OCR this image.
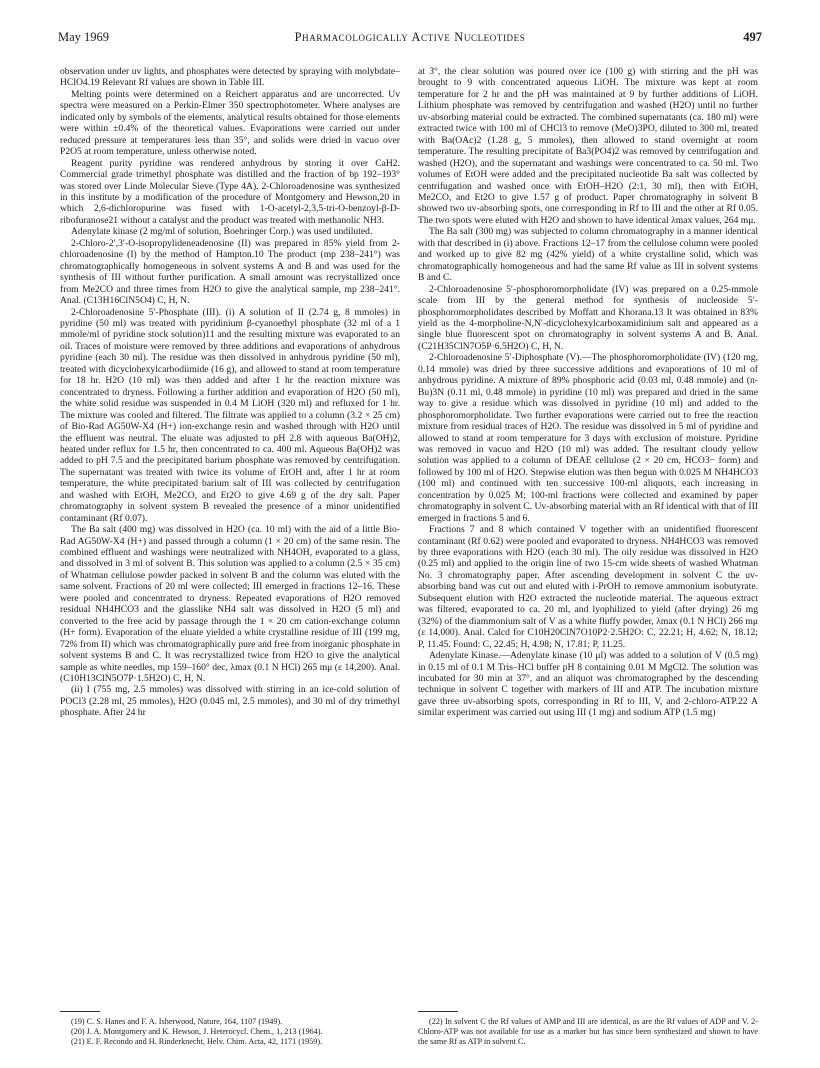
May 1969	Pharmacologically Active Nucleotides	497

observation under uv lights, and phosphates were detected by spraying with molybdate–HClO4.19 Relevant Rf values are shown in Table III.

Melting points were determined on a Reichert apparatus and are uncorrected. Uv spectra were measured on a Perkin-Elmer 350 spectrophotometer. Where analyses are indicated only by symbols of the elements, analytical results obtained for those elements were within ±0.4% of the theoretical values. Evaporations were carried out under reduced pressure at temperatures less than 35°, and solids were dried in vacuo over P2O5 at room temperature, unless otherwise noted.

Reagent purity pyridine was rendered anhydrous by storing it over CaH2. Commercial grade trimethyl phosphate was distilled and the fraction of bp 192–193° was stored over Linde Molecular Sieve (Type 4A). 2-Chloroadenosine was synthesized in this institute by a modification of the procedure of Montgomery and Hewson,20 in which 2,6-dichloropurine was fused with 1-O-acetyl-2,3,5-tri-O-benzoyl-β-D-ribofuranose21 without a catalyst and the product was treated with methanolic NH3.

Adenylate kinase (2 mg/ml of solution, Boehringer Corp.) was used undiluted.

2-Chloro-2′,3′-O-isopropylideneadenosine (II) was prepared in 85% yield from 2-chloroadenosine (I) by the method of Hampton.10 The product (mp 238–241°) was chromatographically homogeneous in solvent systems A and B and was used for the synthesis of III without further purification. A small amount was recrystallized once from Me2CO and three times from H2O to give the analytical sample, mp 238–241°. Anal. (C13H16ClN5O4) C, H, N.

2-Chloroadenosine 5′-Phosphate (III). (i) A solution of II (2.74 g, 8 mmoles) in pyridine (50 ml) was treated with pyridinium β-cyanoethyl phosphate (32 ml of a 1 mmole/ml of pyridine stock solution)11 and the resulting mixture was evaporated to an oil. Traces of moisture were removed by three additions and evaporations of anhydrous pyridine (each 30 ml). The residue was then dissolved in anhydrous pyridine (50 ml), treated with dicyclohexylcarbodiimide (16 g), and allowed to stand at room temperature for 18 hr. H2O (10 ml) was then added and after 1 hr the reaction mixture was concentrated to dryness. Following a further addition and evaporation of H2O (50 ml), the white solid residue was suspended in 0.4 M LiOH (320 ml) and refluxed for 1 hr. The mixture was cooled and filtered. The filtrate was applied to a column (3.2 × 25 cm) of Bio-Rad AG50W-X4 (H+) ion-exchange resin and washed through with H2O until the effluent was neutral. The eluate was adjusted to pH 2.8 with aqueous Ba(OH)2, heated under reflux for 1.5 hr, then concentrated to ca. 400 ml. Aqueous Ba(OH)2 was added to pH 7.5 and the precipitated barium phosphate was removed by centrifugation. The supernatant was treated with twice its volume of EtOH and, after 1 hr at room temperature, the white precipitated barium salt of III was collected by centrifugation and washed with EtOH, Me2CO, and Et2O to give 4.69 g of the dry salt. Paper chromatography in solvent system B revealed the presence of a minor unidentified contaminant (Rf 0.07).

The Ba salt (400 mg) was dissolved in H2O (ca. 10 ml) with the aid of a little Bio-Rad AG50W-X4 (H+) and passed through a column (1 × 20 cm) of the same resin. The combined effluent and washings were neutralized with NH4OH, evaporated to a glass, and dissolved in 3 ml of solvent B. This solution was applied to a column (2.5 × 35 cm) of Whatman cellulose powder packed in solvent B and the column was eluted with the same solvent. Fractions of 20 ml were collected; III emerged in fractions 12–16. These were pooled and concentrated to dryness. Repeated evaporations of H2O removed residual NH4HCO3 and the glasslike NH4 salt was dissolved in H2O (5 ml) and converted to the free acid by passage through the 1 × 20 cm cation-exchange column (H+ form). Evaporation of the eluate yielded a white crystalline residue of III (199 mg, 72% from II) which was chromatographically pure and free from inorganic phosphate in solvent systems B and C. It was recrystallized twice from H2O to give the analytical sample as white needles, mp 159–160° dec, λmax (0.1 N HCl) 265 mμ (ε 14,200). Anal. (C10H13ClN5O7P·1.5H2O) C, H, N.

(ii) I (755 mg, 2.5 mmoles) was dissolved with stirring in an ice-cold solution of POCl3 (2.28 ml, 25 mmoles), H2O (0.045 ml, 2.5 mmoles), and 30 ml of dry trimethyl phosphate. After 24 hr

at 3°, the clear solution was poured over ice (100 g) with stirring and the pH was brought to 9 with concentrated aqueous LiOH. The mixture was kept at room temperature for 2 hr and the pH was maintained at 9 by further additions of LiOH. Lithium phosphate was removed by centrifugation and washed (H2O) until no further uv-absorbing material could be extracted. The combined supernatants (ca. 180 ml) were extracted twice with 100 ml of CHCl3 to remove (MeO)3PO, diluted to 300 ml, treated with Ba(OAc)2 (1.28 g, 5 mmoles), then allowed to stand overnight at room temperature. The resulting precipitate of Ba3(PO4)2 was removed by centrifugation and washed (H2O), and the supernatant and washings were concentrated to ca. 50 ml. Two volumes of EtOH were added and the precipitated nucleotide Ba salt was collected by centrifugation and washed once with EtOH–H2O (2:1, 30 ml), then with EtOH, Me2CO, and Et2O to give 1.57 g of product. Paper chromatography in solvent B showed two uv-absorbing spots, one corresponding in Rf to III and the other at Rf 0.05. The two spots were eluted with H2O and shown to have identical λmax values, 264 mμ.

The Ba salt (300 mg) was subjected to column chromatography in a manner identical with that described in (i) above. Fractions 12–17 from the cellulose column were pooled and worked up to give 82 mg (42% yield) of a white crystalline solid, which was chromatographically homogeneous and had the same Rf value as III in solvent systems B and C.

2-Chloroadenosine 5′-phosphoromorpholidate (IV) was prepared on a 0.25-mmole scale from III by the general method for synthesis of nucleoside 5′-phosphoromorpholidates described by Moffatt and Khorana.13 It was obtained in 83% yield as the 4-morpholine-N,N′-dicyclohexylcarboxamidinium salt and appeared as a single blue fluorescent spot on chromatography in solvent systems A and B. Anal. (C21H35ClN7O5P·6.5H2O) C, H, N.

2-Chloroadenosine 5′-Diphosphate (V).—The phosphoromorpholidate (IV) (120 mg, 0.14 mmole) was dried by three successive additions and evaporations of 10 ml of anhydrous pyridine. A mixture of 89% phosphoric acid (0.03 ml, 0.48 mmole) and (n-Bu)3N (0.11 ml, 0.48 mmole) in pyridine (10 ml) was prepared and dried in the same way to give a residue which was dissolved in pyridine (10 ml) and added to the phosphoromorpholidate. Two further evaporations were carried out to free the reaction mixture from residual traces of H2O. The residue was dissolved in 5 ml of pyridine and allowed to stand at room temperature for 3 days with exclusion of moisture. Pyridine was removed in vacuo and H2O (10 ml) was added. The resultant cloudy yellow solution was applied to a column of DEAE cellulose (2 × 20 cm, HCO3− form) and followed by 100 ml of H2O. Stepwise elution was then begun with 0.025 M NH4HCO3 (100 ml) and continued with ten successive 100-ml aliquots, each increasing in concentration by 0.025 M; 100-ml fractions were collected and examined by paper chromatography in solvent C. Uv-absorbing material with an Rf identical with that of III emerged in fractions 5 and 6.

Fractions 7 and 8 which contained V together with an unidentified fluorescent contaminant (Rf 0.62) were pooled and evaporated to dryness. NH4HCO3 was removed by three evaporations with H2O (each 30 ml). The oily residue was dissolved in H2O (0.25 ml) and applied to the origin line of two 15-cm wide sheets of washed Whatman No. 3 chromatography paper. After ascending development in solvent C the uv-absorbing band was cut out and eluted with i-PrOH to remove ammonium isobutyrate. Subsequent elution with H2O extracted the nucleotide material. The aqueous extract was filtered, evaporated to ca. 20 ml, and lyophilized to yield (after drying) 26 mg (32%) of the diammonium salt of V as a white fluffy powder, λmax (0.1 N HCl) 266 mμ (ε 14,000). Anal. Calcd for C10H20ClN7O10P2·2.5H2O: C, 22.21; H, 4.62; N, 18.12; P, 11.45. Found: C, 22.45; H, 4.98; N, 17.81; P, 11.25.

Adenylate Kinase.—Adenylate kinase (10 μl) was added to a solution of V (0.5 mg) in 0.15 ml of 0.1 M Tris–HCl buffer pH 8 containing 0.01 M MgCl2. The solution was incubated for 30 min at 37°, and an aliquot was chromatographed by the descending technique in solvent C together with markers of III and ATP. The incubation mixture gave three uv-absorbing spots, corresponding in Rf to III, V, and 2-chloro-ATP.22 A similar experiment was carried out using III (1 mg) and sodium ATP (1.5 mg)

(19) C. S. Hanes and F. A. Isherwood, Nature, 164, 1107 (1949).

(20) J. A. Montgomery and K. Hewson, J. Heterocycl. Chem., 1, 213 (1964).

(21) E. F. Recondo and H. Rinderknecht, Helv. Chim. Acta, 42, 1171 (1959).

(22) In solvent C the Rf values of AMP and III are identical, as are the Rf values of ADP and V. 2-Chloro-ATP was not available for use as a marker but has since been synthesized and shown to have the same Rf as ATP in solvent C.
